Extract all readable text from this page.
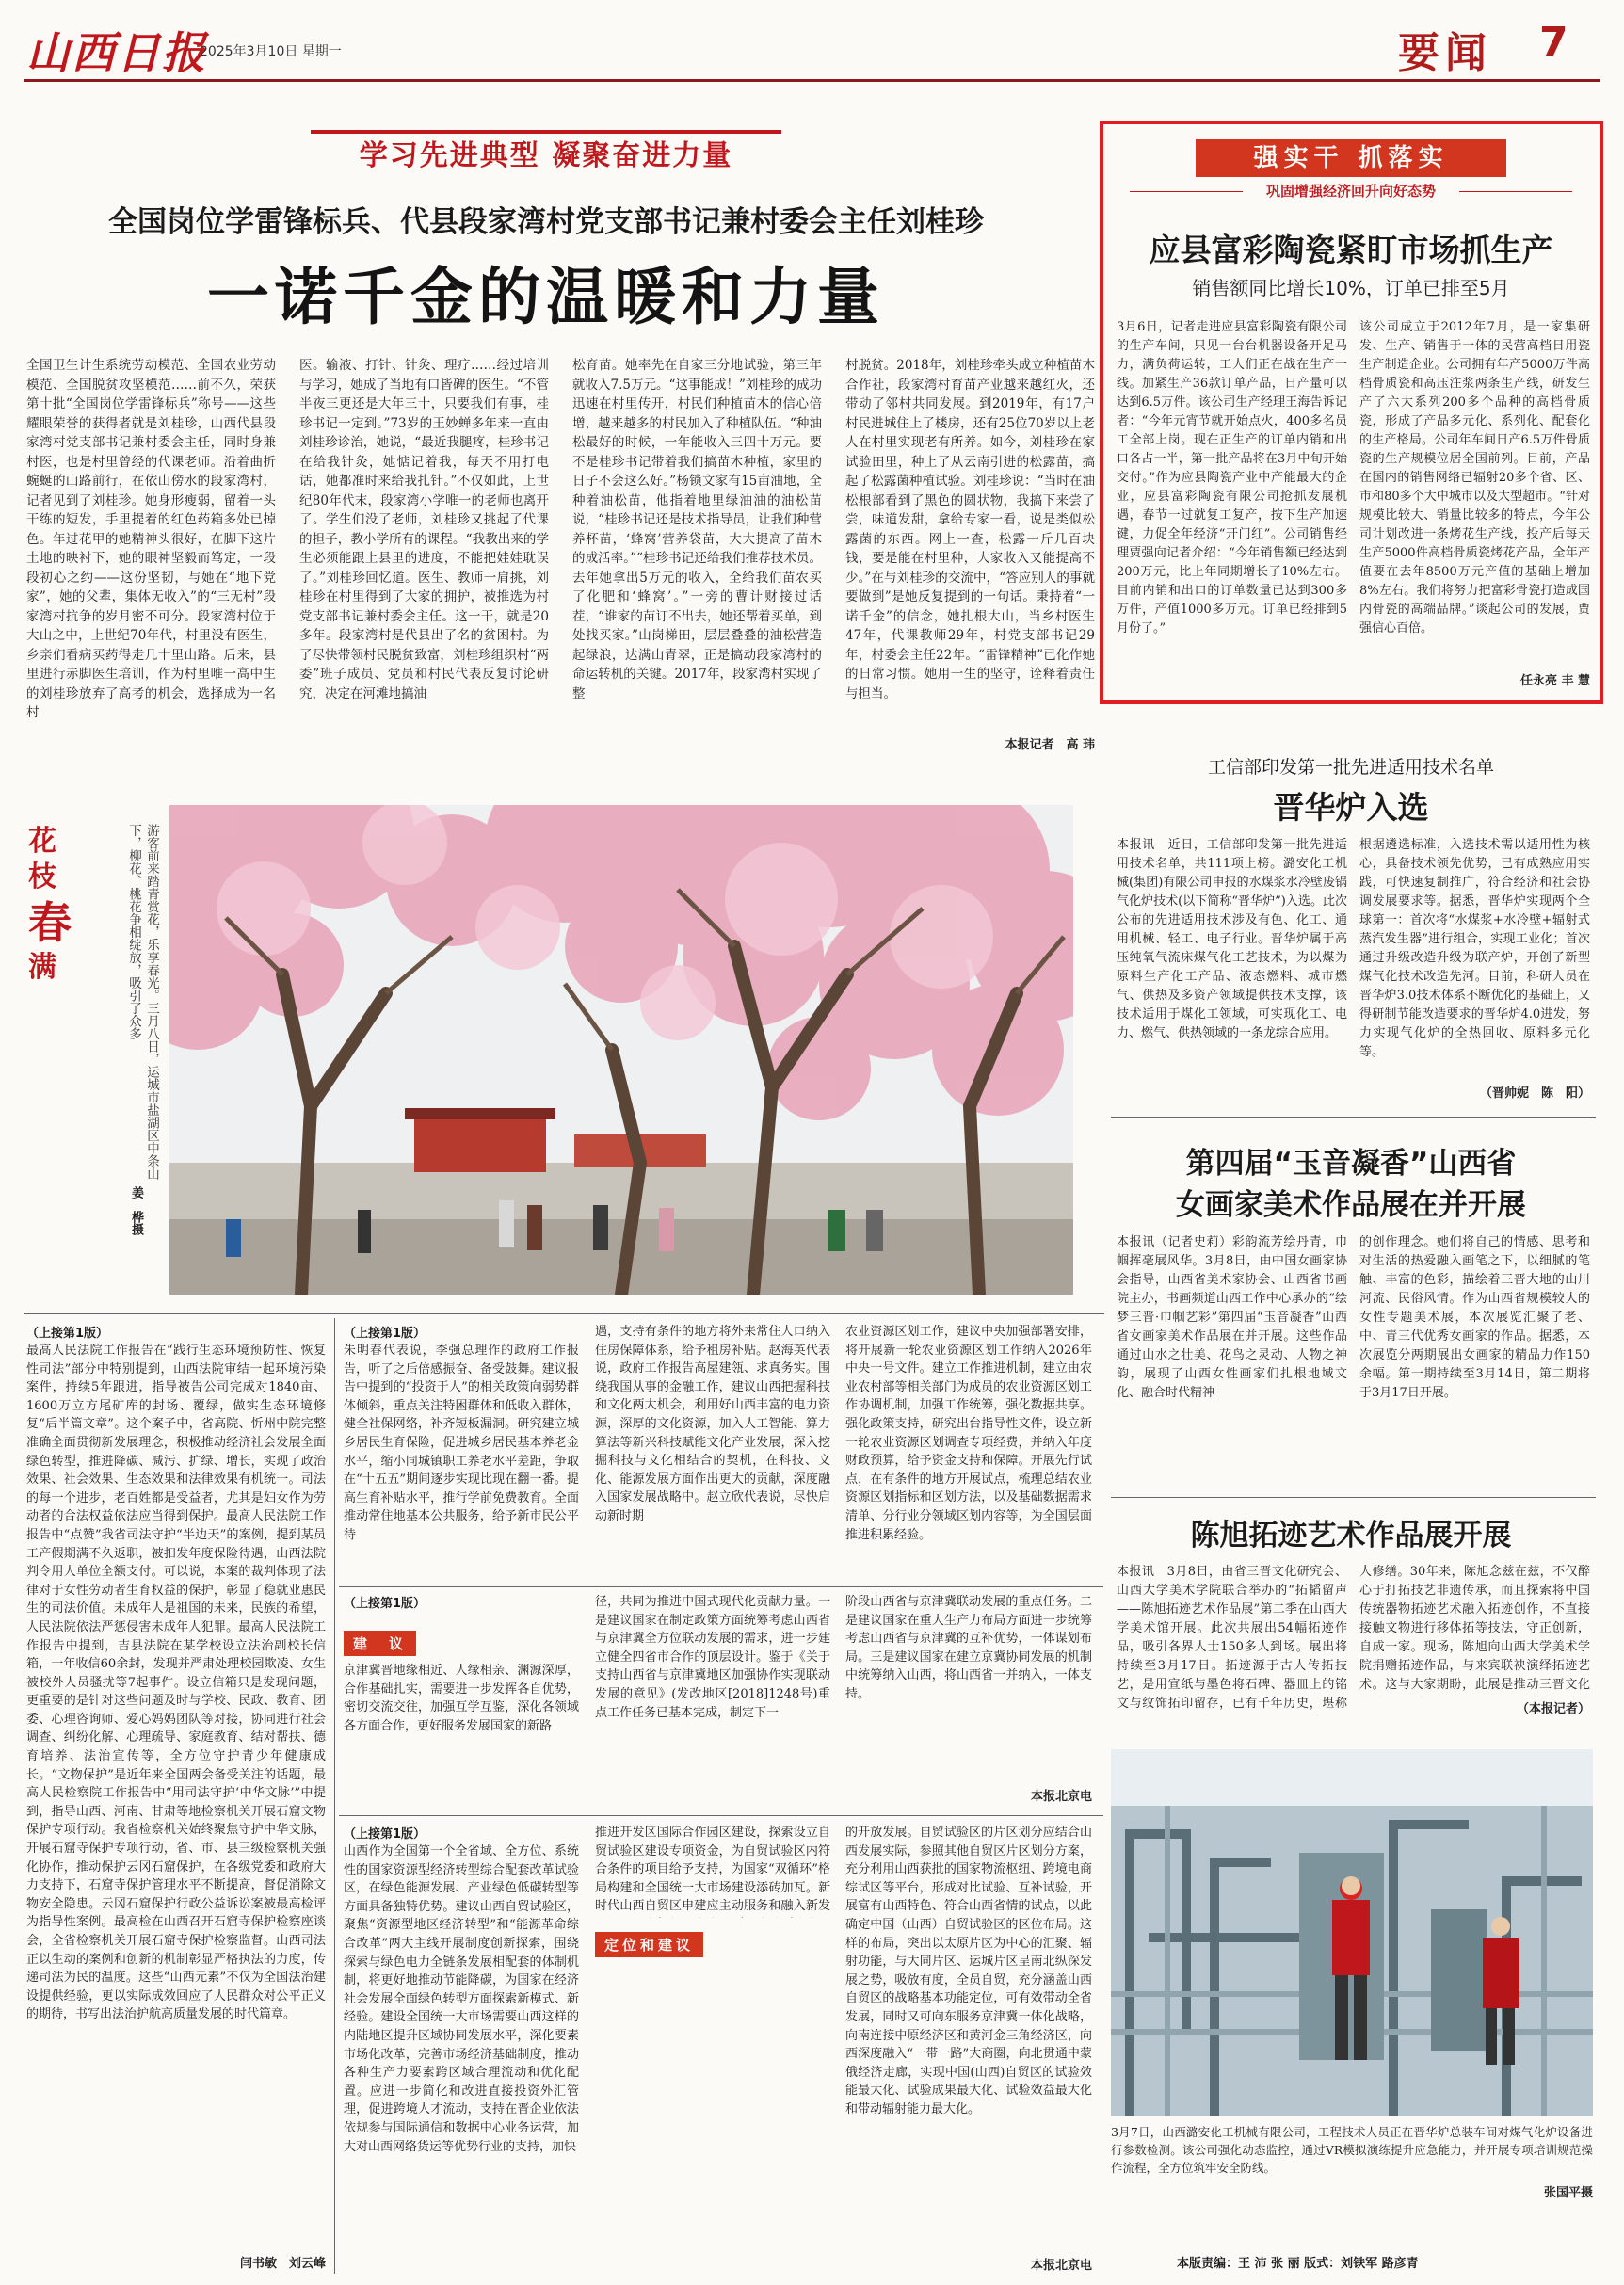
山西日报
2025年3月10日 星期一	要闻 7
学习先进典型 凝聚奋进力量
全国岗位学雷锋标兵、代县段家湾村党支部书记兼村委会主任刘桂珍
一诺千金的温暖和力量
全国卫生计生系统劳动模范、全国农业劳动模范、全国脱贫攻坚模范……前不久，荣获第十批“全国岗位学雷锋标兵”称号——这些耀眼荣誉的获得者就是刘桂珍，山西代县段家湾村党支部书记兼村委会主任，同时身兼村医，也是村里曾经的代课老师。沿着曲折蜿蜒的山路前行，在依山傍水的段家湾村，记者见到了刘桂珍。她身形瘦弱，留着一头干练的短发，手里提着的红色药箱多处已掉色。年过花甲的她精神头很好，在脚下这片土地的映衬下，她的眼神坚毅而笃定，一段段初心之约——这份坚韧，与她在“地下党家”，她的父辈，集体无收入”的“三无村”段家湾村抗争的岁月密不可分。段家湾村位于大山之中，上世纪70年代，村里没有医生，乡亲们看病买药得走几十里山路。后来，县里进行赤脚医生培训，作为村里唯一高中生的刘桂珍放弃了高考的机会，选择成为一名村
医。输液、打针、针灸、理疗……经过培训与学习，她成了当地有口皆碑的医生。“不管半夜三更还是大年三十，只要我们有事，桂珍书记一定到。”73岁的王妙蝉多年来一直由刘桂珍诊治，她说，“最近我腿疼，桂珍书记在给我针灸，她惦记着我，每天不用打电话，她都准时来给我扎针。”不仅如此，上世纪80年代末，段家湾小学唯一的老师也离开了。学生们没了老师，刘桂珍又挑起了代课的担子，教小学所有的课程。“我教出来的学生必须能跟上县里的进度，不能把娃娃耽误了。”刘桂珍回忆道。医生、教师一肩挑，刘桂珍在村里得到了大家的拥护，被推选为村党支部书记兼村委会主任。这一干，就是20多年。段家湾村是代县出了名的贫困村。为了尽快带领村民脱贫致富，刘桂珍组织村“两委”班子成员、党员和村民代表反复讨论研究，决定在河滩地搞油
松育苗。她率先在自家三分地试验，第三年就收入7.5万元。“这事能成！”刘桂珍的成功迅速在村里传开，村民们种植苗木的信心倍增，越来越多的村民加入了种植队伍。“种油松最好的时候，一年能收入三四十万元。要不是桂珍书记带着我们搞苗木种植，家里的日子不会这么好。”杨锁文家有15亩油地，全种着油松苗，他指着地里绿油油的油松苗说，“桂珍书记还是技术指导员，让我们种营养杯苗，‘蜂窝’营养袋苗，大大提高了苗木的成活率。”“桂珍书记还给我们推荐技术员。去年她拿出5万元的收入，全给我们苗农买了化肥和‘蜂窝’。”一旁的曹计财接过话茬，“谁家的苗订不出去，她还帮着买单，到处找买家。”山岗梯田，层层叠叠的油松营造起绿浪，达满山青翠，正是搞动段家湾村的命运转机的关键。2017年，段家湾村实现了整
村脱贫。2018年，刘桂珍牵头成立种植苗木合作社，段家湾村育苗产业越来越红火，还带动了邻村共同发展。到2019年，有17户村民进城住上了楼房，还有25位70岁以上老人在村里实现老有所养。如今，刘桂珍在家试验田里，种上了从云南引进的松露苗，搞起了松露菌种植试验。刘桂珍说：“当时在油松根部看到了黑色的圆状物，我搞下来尝了尝，味道发甜，拿给专家一看，说是类似松露菌的东西。网上一查，松露一斤几百块钱，要是能在村里种，大家收入又能提高不少。”在与刘桂珍的交流中，“答应别人的事就要做到”是她反复提到的一句话。秉持着“一诺千金”的信念，她扎根大山，当乡村医生47年，代课教师29年，村党支部书记29年，村委会主任22年。“雷锋精神”已化作她的日常习惯。她用一生的坚守，诠释着责任与担当。
本报记者　高 玮
强实干 抓落实
巩固增强经济回升向好态势
应县富彩陶瓷紧盯市场抓生产
销售额同比增长10%，订单已排至5月
3月6日，记者走进应县富彩陶瓷有限公司的生产车间，只见一台台机器设备开足马力，满负荷运转，工人们正在战在生产一线。加紧生产36款订单产品，日产量可以达到6.5万件。该公司生产经理王海告诉记者：“今年元宵节就开始点火，400多名员工全部上岗。现在正生产的订单内销和出口各占一半，第一批产品将在3月中旬开始交付。”作为应县陶瓷产业中产能最大的企业，应县富彩陶瓷有限公司抢抓发展机遇，春节一过就复工复产，按下生产加速键，力促全年经济“开门红”。公司销售经理贾强向记者介绍：“今年销售额已经达到200万元，比上年同期增长了10%左右。目前内销和出口的订单数量已达到300多万件，产值1000多万元。订单已经排到5月份了。”
该公司成立于2012年7月，是一家集研发、生产、销售于一体的民营高档日用瓷生产制造企业。公司拥有年产5000万件高档骨质瓷和高压注浆两条生产线，研发生产了六大系列200多个品种的高档骨质瓷，形成了产品多元化、系列化、配套化的生产格局。公司年车间日产6.5万件骨质瓷的生产规模位居全国前列。目前，产品在国内的销售网络已辐射20多个省、区、市和80多个大中城市以及大型超市。“针对规模比较大、销量比较多的特点，今年公司计划改进一条烤花生产线，投产后每天生产5000件高档骨质瓷烤花产品，全年产值要在去年8500万元产值的基础上增加8%左右。我们将努力把富彩骨瓷打造成国内骨瓷的高端品牌。”谈起公司的发展，贾强信心百倍。
任永亮 丰 慧
工信部印发第一批先进适用技术名单
晋华炉入选
本报讯　近日，工信部印发第一批先进适用技术名单，共111项上榜。潞安化工机械(集团)有限公司申报的水煤浆水冷壁废锅气化炉技术(以下简称“晋华炉”)入选。此次公布的先进适用技术涉及有色、化工、通用机械、轻工、电子行业。晋华炉属于高压纯氧气流床煤气化工艺技术，为以煤为原料生产化工产品、液态燃料、城市燃气、供热及多资产领域提供技术支撑，该技术适用于煤化工领域，可实现化工、电力、燃气、供热领域的一条龙综合应用。
根据遴选标准，入选技术需以适用性为核心，具备技术领先优势，已有成熟应用实践，可快速复制推广，符合经济和社会协调发展要求等。据悉，晋华炉实现两个全球第一：首次将“水煤浆+水冷壁+辐射式蒸汽发生器”进行组合，实现工业化；首次通过升级改造升级为联产炉，开创了新型煤气化技术改造先河。目前，科研人员在晋华炉3.0技术体系不断优化的基础上，又得研制节能改造要求的晋华炉4.0进发，努力实现气化炉的全热回收、原料多元化等。
（晋帅妮　陈　阳）
第四届“玉音凝香”山西省
女画家美术作品展在并开展
本报讯（记者史莉）彩韵流芳绘丹青，巾帼挥毫展风华。3月8日，由中国女画家协会指导，山西省美术家协会、山西省书画院主办，书画频道山西工作中心承办的“绘梦三晋·巾帼艺彩”第四届“玉音凝香”山西省女画家美术作品展在并开展。这些作品通过山水之壮美、花鸟之灵动、人物之神韵，展现了山西女性画家们扎根地域文化、融合时代精神
的创作理念。她们将自己的情感、思考和对生活的热爱融入画笔之下，以细腻的笔触、丰富的色彩，描绘着三晋大地的山川河流、民俗风情。作为山西省规模较大的女性专题美术展，本次展览汇聚了老、中、青三代优秀女画家的作品。据悉，本次展览分两期展出女画家的精品力作150余幅。第一期持续至3月14日，第二期将于3月17日开展。
陈旭拓迹艺术作品展开展
本报讯　3月8日，由省三晋文化研究会、山西大学美术学院联合举办的“拓韬留声——陈旭拓迹艺术作品展”第二季在山西大学美术馆开展。此次共展出54幅拓迹作品，吸引各界人士150多人到场。展出将持续至3月17日。拓迹源于古人传拓技艺，是用宣纸与墨色将石碑、器皿上的铭文与纹饰拓印留存，已有千年历史，堪称
人修缮。30年来，陈旭念兹在兹，不仅醉心于打拓技艺非遗传承，而且探索将中国传统器物拓迹艺术融入拓迹创作，不直接接触文物进行移体拓等技法，守正创新，自成一家。现场，陈旭向山西大学美术学院捐赠拓迹作品，与来宾联袂演绎拓迹艺术。这与大家期盼，此展是推动三晋文化
（本报记者）
3月7日，山西潞安化工机械有限公司，工程技术人员正在晋华炉总装车间对煤气化炉设备进行参数检测。该公司强化动态监控，通过VR模拟演练提升应急能力，并开展专项培训规范操作流程，全方位筑牢安全防线。
张国平摄
花
枝
春
满	游客前来踏青赏花，乐享春光。三月八日，运城市盐湖区中条山下，柳花、桃花争相绽放，吸引了众多
姜　桦摄
（上接第1版）
最高人民法院工作报告在“践行生态环境预防性、恢复性司法”部分中特别提到，山西法院审结一起环境污染案件，持续5年跟进，指导被告公司完成对1840亩、1600万立方尾矿库的封场、覆绿，做实生态环境修复“后半篇文章”。这个案子中，省高院、忻州中院完整准确全面贯彻新发展理念，积极推动经济社会发展全面绿色转型，推进降碳、减污、扩绿、增长，实现了政治效果、社会效果、生态效果和法律效果有机统一。司法的每一个进步，老百姓都是受益者，尤其是妇女作为劳动者的合法权益依法应当得到保护。最高人民法院工作报告中“点赞”我省司法守护“半边天”的案例，提到某员工产假期满不久返职，被扣发年度保险待遇，山西法院判令用人单位全额支付。可以说，本案的裁判体现了法律对于女性劳动者生育权益的保护，彰显了稳就业惠民生的司法价值。未成年人是祖国的未来，民族的希望，人民法院依法严惩侵害未成年人犯罪。最高人民法院工作报告中提到，吉县法院在某学校设立法治副校长信箱，一年收信60余封，发现并严肃处理校园欺凌、女生被校外人员骚扰等7起事件。设立信箱只是发现问题，更重要的是针对这些问题及时与学校、民政、教育、团委、心理咨询师、爱心妈妈团队等对接，协同进行社会调查、纠纷化解、心理疏导、家庭教育、结对帮扶、德育培养、法治宣传等，全方位守护青少年健康成长。“文物保护”是近年来全国两会备受关注的话题，最高人民检察院工作报告中“用司法守护‘中华文脉’”中提到，指导山西、河南、甘肃等地检察机关开展石窟文物保护专项行动。我省检察机关始终聚焦守护中华文脉，开展石窟寺保护专项行动，省、市、县三级检察机关强化协作，推动保护云冈石窟保护，在各级党委和政府大力支持下，石窟寺保护管理水平不断提高，督促消除文物安全隐患。云冈石窟保护行政公益诉讼案被最高检评为指导性案例。最高检在山西召开石窟寺保护检察座谈会，全省检察机关开展石窟寺保护检察监督。山西司法正以生动的案例和创新的机制彰显严格执法的力度，传递司法为民的温度。这些“山西元素”不仅为全国法治建设提供经验，更以实际成效回应了人民群众对公平正义的期待，书写出法治护航高质量发展的时代篇章。
闫书敏　刘云峰
（上接第1版）
朱明春代表说，李强总理作的政府工作报告，听了之后倍感振奋、备受鼓舞。建议报告中提到的“投资于人”的相关政策向弱势群体倾斜，重点关注特困群体和低收入群体，健全社保网络，补齐短板漏洞。研究建立城乡居民生育保险，促进城乡居民基本养老金水平，缩小同城镇职工养老水平差距，争取在“十五五”期间逐步实现比现在翻一番。提高生育补贴水平，推行学前免费教育。全面推动常住地基本公共服务，给予新市民公平待
遇，支持有条件的地方将外来常住人口纳入住房保障体系，给予租房补贴。赵海英代表说，政府工作报告高屋建瓴、求真务实。围绕我国从事的金融工作，建议山西把握科技和文化两大机会，利用好山西丰富的电力资源，深厚的文化资源，加入人工智能、算力算法等新兴科技赋能文化产业发展，深入挖掘科技与文化相结合的契机，在科技、文化、能源发展方面作出更大的贡献，深度融入国家发展战略中。赵立欣代表说，尽快启动新时期
农业资源区划工作，建议中央加强部署安排，将开展新一轮农业资源区划工作纳入2026年中央一号文件。建立工作推进机制，建立由农业农村部等相关部门为成员的农业资源区划工作协调机制，加强工作统筹，强化数据共享。强化政策支持，研究出台指导性文件，设立新一轮农业资源区划调查专项经费，并纳入年度财政预算，给予资金支持和保障。开展先行试点，在有条件的地方开展试点，梳理总结农业资源区划指标和区划方法，以及基础数据需求清单、分行业分领域区划内容等，为全国层面推进积累经验。
（上接第1版）
建　议
京津冀晋地缘相近、人缘相亲、渊源深厚，合作基础扎实，需要进一步发挥各自优势，密切交流交往，加强互学互鉴，深化各领域各方面合作，更好服务发展国家的新路
径，共同为推进中国式现代化贡献力量。一是建议国家在制定政策方面统筹考虑山西省与京津冀全方位联动发展的需求，进一步建立健全四省市合作的顶层设计。鉴于《关于支持山西省与京津冀地区加强协作实现联动发展的意见》(发改地区[2018]1248号)重点工作任务已基本完成，制定下一
阶段山西省与京津冀联动发展的重点任务。二是建议国家在重大生产力布局方面进一步统筹考虑山西省与京津冀的互补优势，一体谋划布局。三是建议国家在建立京冀协同发展的机制中统筹纳入山西，将山西省一并纳入，一体支持。
本报北京电
（上接第1版）
山西作为全国第一个全省域、全方位、系统性的国家资源型经济转型综合配套改革试验区，在绿色能源发展、产业绿色低碳转型等方面具备独特优势。建议山西自贸试验区，聚焦“资源型地区经济转型”和“能源革命综合改革”两大主线开展制度创新探索，围绕探索与绿色电力全链条发展相配套的体制机制，将更好地推动节能降碳，为国家在经济社会发展全面绿色转型方面探索新模式、新经验。建设全国统一大市场需要山西这样的内陆地区提升区域协同发展水平，深化要素市场化改革，完善市场经济基础制度，推动各种生产力要素跨区域合理流动和优化配置。应进一步简化和改进直接投资外汇管理，促进跨境人才流动，支持在晋企业依法依规参与国际通信和数据中心业务运营，加大对山西网络货运等优势行业的支持，加快
推进开发区国际合作园区建设，探索设立自贸试验区建设专项资金，为自贸试验区内符合条件的项目给予支持，为国家“双循环”格局构建和全国统一大市场建设添砖加瓦。新时代山西自贸区申建应主动服务和融入新发
定位和建议
的开放发展。自贸试验区的片区划分应结合山西发展实际，参照其他自贸区片区划分方案，充分利用山西获批的国家物流枢纽、跨境电商综试区等平台，形成对比试验、互补试验，开展富有山西特色、符合山西省情的试点，以此确定中国（山西）自贸试验区的区位布局。这样的布局，突出以太原片区为中心的汇聚、辐射功能，与大同片区、运城片区呈南北纵深发展之势，吸放有度，全员自贸，充分涵盖山西自贸区的战略基本功能定位，可有效带动全省发展，同时又可向东服务京津冀一体化战略，向南连接中原经济区和黄河金三角经济区，向西深度融入“一带一路”大商圈，向北贯通中蒙俄经济走廊，实现中国(山西)自贸区的试验效能最大化、试验成果最大化、试验效益最大化和带动辐射能力最大化。
本报北京电	本版责编：王 沛 张 丽 版式：刘铁军 路彦青
